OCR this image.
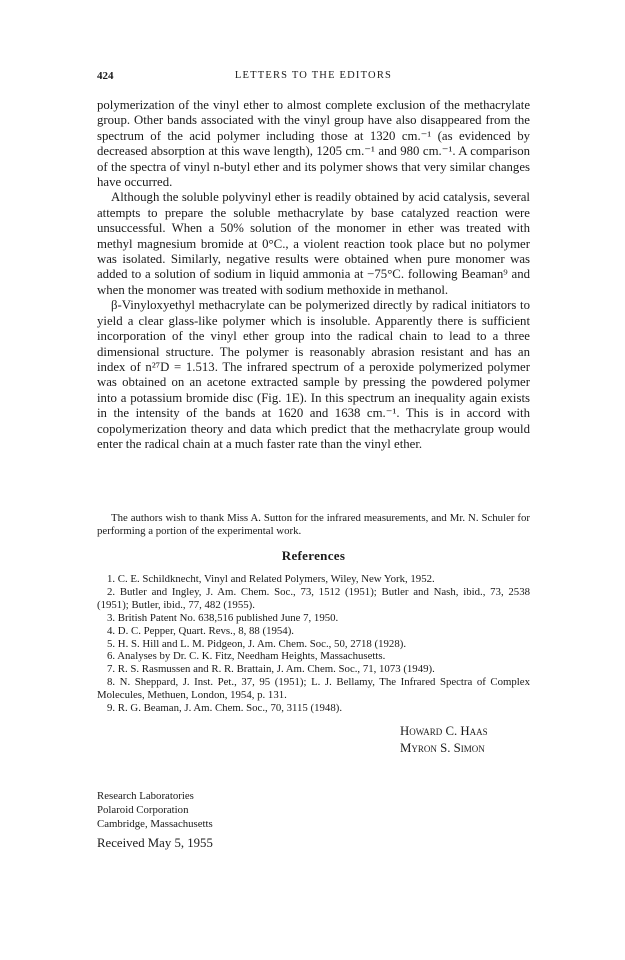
424	LETTERS TO THE EDITORS

polymerization of the vinyl ether to almost complete exclusion of the methacrylate group. Other bands associated with the vinyl group have also disappeared from the spectrum of the acid polymer including those at 1320 cm.⁻¹ (as evidenced by decreased absorption at this wave length), 1205 cm.⁻¹ and 980 cm.⁻¹. A comparison of the spectra of vinyl n-butyl ether and its polymer shows that very similar changes have occurred.

Although the soluble polyvinyl ether is readily obtained by acid catalysis, several attempts to prepare the soluble methacrylate by base catalyzed reaction were unsuccessful. When a 50% solution of the monomer in ether was treated with methyl magnesium bromide at 0°C., a violent reaction took place but no polymer was isolated. Similarly, negative results were obtained when pure monomer was added to a solution of sodium in liquid ammonia at −75°C. following Beaman⁹ and when the monomer was treated with sodium methoxide in methanol.

β-Vinyloxyethyl methacrylate can be polymerized directly by radical initiators to yield a clear glass-like polymer which is insoluble. Apparently there is sufficient incorporation of the vinyl ether group into the radical chain to lead to a three dimensional structure. The polymer is reasonably abrasion resistant and has an index of n²⁷D = 1.513. The infrared spectrum of a peroxide polymerized polymer was obtained on an acetone extracted sample by pressing the powdered polymer into a potassium bromide disc (Fig. 1E). In this spectrum an inequality again exists in the intensity of the bands at 1620 and 1638 cm.⁻¹. This is in accord with copolymerization theory and data which predict that the methacrylate group would enter the radical chain at a much faster rate than the vinyl ether.

The authors wish to thank Miss A. Sutton for the infrared measurements, and Mr. N. Schuler for performing a portion of the experimental work.

References
1. C. E. Schildknecht, Vinyl and Related Polymers, Wiley, New York, 1952.
2. Butler and Ingley, J. Am. Chem. Soc., 73, 1512 (1951); Butler and Nash, ibid., 73, 2538 (1951); Butler, ibid., 77, 482 (1955).
3. British Patent No. 638,516 published June 7, 1950.
4. D. C. Pepper, Quart. Revs., 8, 88 (1954).
5. H. S. Hill and L. M. Pidgeon, J. Am. Chem. Soc., 50, 2718 (1928).
6. Analyses by Dr. C. K. Fitz, Needham Heights, Massachusetts.
7. R. S. Rasmussen and R. R. Brattain, J. Am. Chem. Soc., 71, 1073 (1949).
8. N. Sheppard, J. Inst. Pet., 37, 95 (1951); L. J. Bellamy, The Infrared Spectra of Complex Molecules, Methuen, London, 1954, p. 131.
9. R. G. Beaman, J. Am. Chem. Soc., 70, 3115 (1948).
Howard C. Haas
Myron S. Simon
Research Laboratories
Polaroid Corporation
Cambridge, Massachusetts
Received May 5, 1955
